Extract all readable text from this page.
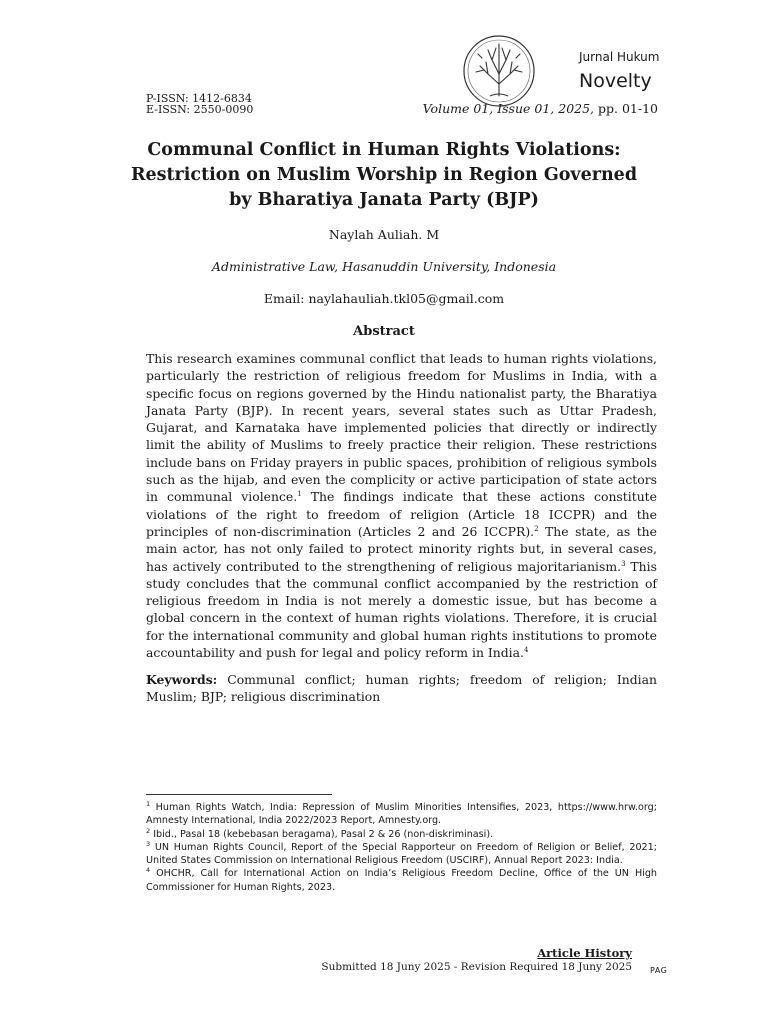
Jurnal Hukum
Novelty
P-ISSN: 1412-6834
E-ISSN: 2550-0090	Volume 01, Issue 01, 2025, pp. 01-10
Communal Conflict in Human Rights Violations: Restriction on Muslim Worship in Region Governed by Bharatiya Janata Party (BJP)
Naylah Auliah. M
Administrative Law, Hasanuddin University, Indonesia
Email: naylahauliah.tkl05@gmail.com
Abstract

This research examines communal conflict that leads to human rights violations, particularly the restriction of religious freedom for Muslims in India, with a specific focus on regions governed by the Hindu nationalist party, the Bharatiya Janata Party (BJP). In recent years, several states such as Uttar Pradesh, Gujarat, and Karnataka have implemented policies that directly or indirectly limit the ability of Muslims to freely practice their religion. These restrictions include bans on Friday prayers in public spaces, prohibition of religious symbols such as the hijab, and even the complicity or active participation of state actors in communal violence.$^1$ The findings indicate that these actions constitute violations of the right to freedom of religion (Article 18 ICCPR) and the principles of non-discrimination (Articles 2 and 26 ICCPR).$^2$ The state, as the main actor, has not only failed to protect minority rights but, in several cases, has actively contributed to the strengthening of religious majoritarianism.$^3$ This study concludes that the communal conflict accompanied by the restriction of religious freedom in India is not merely a domestic issue, but has become a global concern in the context of human rights violations. Therefore, it is crucial for the international community and global human rights institutions to promote accountability and push for legal and policy reform in India.$^4$

Keywords: Communal conflict; human rights; freedom of religion; Indian Muslim; BJP; religious discrimination

$^1$ Human Rights Watch, India: Repression of Muslim Minorities Intensifies, 2023, https://www.hrw.org; Amnesty International, India 2022/2023 Report, Amnesty.org.

$^2$ Ibid., Pasal 18 (kebebasan beragama), Pasal 2 & 26 (non-diskriminasi).

$^3$ UN Human Rights Council, Report of the Special Rapporteur on Freedom of Religion or Belief, 2021; United States Commission on International Religious Freedom (USCIRF), Annual Report 2023: India.

$^4$ OHCHR, Call for International Action on India’s Religious Freedom Decline, Office of the UN High Commissioner for Human Rights, 2023.

Article History
Submitted 18 Juny 2025 - Revision Required 18 Juny 2025 PAG
